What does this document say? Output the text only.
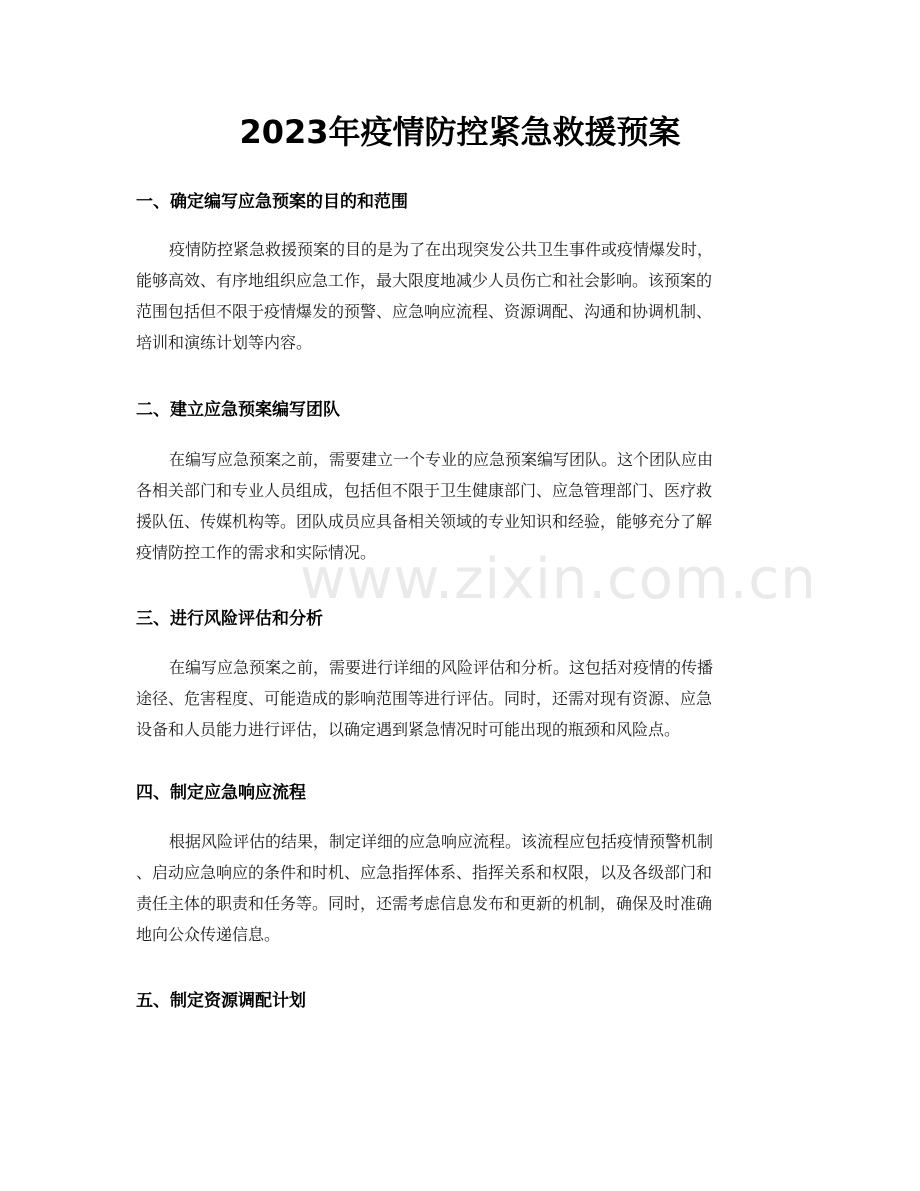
2023年疫情防控紧急救援预案
一、确定编写应急预案的目的和范围
疫情防控紧急救援预案的目的是为了在出现突发公共卫生事件或疫情爆发时，
能够高效、有序地组织应急工作，最大限度地减少人员伤亡和社会影响。该预案的
范围包括但不限于疫情爆发的预警、应急响应流程、资源调配、沟通和协调机制、
培训和演练计划等内容。
二、建立应急预案编写团队
在编写应急预案之前，需要建立一个专业的应急预案编写团队。这个团队应由
各相关部门和专业人员组成，包括但不限于卫生健康部门、应急管理部门、医疗救
援队伍、传媒机构等。团队成员应具备相关领域的专业知识和经验，能够充分了解
疫情防控工作的需求和实际情况。
三、进行风险评估和分析
在编写应急预案之前，需要进行详细的风险评估和分析。这包括对疫情的传播
途径、危害程度、可能造成的影响范围等进行评估。同时，还需对现有资源、应急
设备和人员能力进行评估，以确定遇到紧急情况时可能出现的瓶颈和风险点。
四、制定应急响应流程
根据风险评估的结果，制定详细的应急响应流程。该流程应包括疫情预警机制
、启动应急响应的条件和时机、应急指挥体系、指挥关系和权限，以及各级部门和
责任主体的职责和任务等。同时，还需考虑信息发布和更新的机制，确保及时准确
地向公众传递信息。
五、制定资源调配计划
www.zixin.com.cn
